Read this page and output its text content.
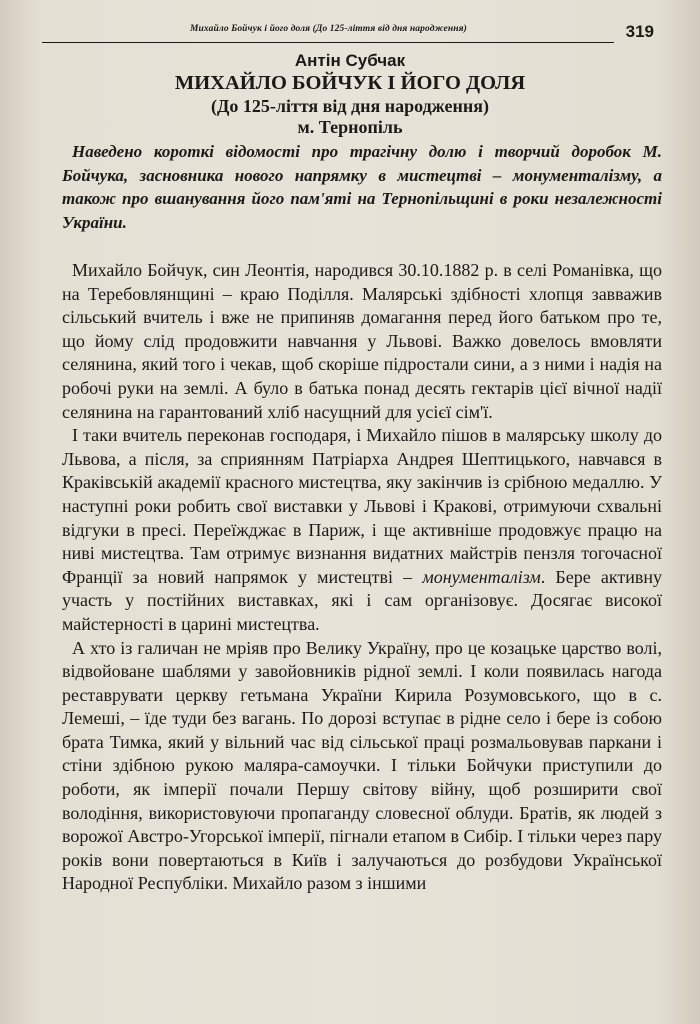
Михайло Бойчук і його доля (До 125-ліття від дня народження)	319
Антін Субчак
МИХАЙЛО БОЙЧУК І ЙОГО ДОЛЯ
(До 125-ліття від дня народження)
м. Тернопіль

Наведено короткі відомості про трагічну долю і творчий доробок М. Бойчука, засновника нового напрямку в мистецтві – монументалізму, а також про вшанування його пам'яті на Тернопільщині в роки незалежності України.

Михайло Бойчук, син Леонтія, народився 30.10.1882 р. в селі Романівка, що на Теребовлянщині – краю Поділля. Малярські здібності хлопця завважив сільський вчитель і вже не припиняв домагання перед його батьком про те, що йому слід продовжити навчання у Львові. Важко довелось вмовляти селянина, який того і чекав, щоб скоріше підростали сини, а з ними і надія на робочі руки на землі. А було в батька понад десять гектарів цієї вічної надії селянина на гарантований хліб насущний для усієї сім'ї.

І таки вчитель переконав господаря, і Михайло пішов в малярську школу до Львова, а після, за сприянням Патріарха Андрея Шептицького, навчався в Краківській академії красного мистецтва, яку закінчив із срібною медаллю. У наступні роки робить свої виставки у Львові і Кракові, отримуючи схвальні відгуки в пресі. Переїжджає в Париж, і ще активніше продовжує працю на ниві мистецтва. Там отримує визнання видатних майстрів пензля тогочасної Франції за новий напрямок у мистецтві – монументалізм. Бере активну участь у постійних виставках, які і сам організовує. Досягає високої майстерності в царині мистецтва.

А хто із галичан не мріяв про Велику Україну, про це козацьке царство волі, відвойоване шаблями у завойовників рідної землі. І коли появилась нагода реставрувати церкву гетьмана України Кирила Розумовського, що в с. Лемеші, – їде туди без вагань. По дорозі вступає в рідне село і бере із собою брата Тимка, який у вільний час від сільської праці розмальовував паркани і стіни здібною рукою маляра-самоучки. І тільки Бойчуки приступили до роботи, як імперії почали Першу світову війну, щоб розширити свої володіння, використовуючи пропаганду словесної облуди. Братів, як людей з ворожої Австро-Угорської імперії, пігнали етапом в Сибір. І тільки через пару років вони повертаються в Київ і залучаються до розбудови Української Народної Республіки. Михайло разом з іншими
